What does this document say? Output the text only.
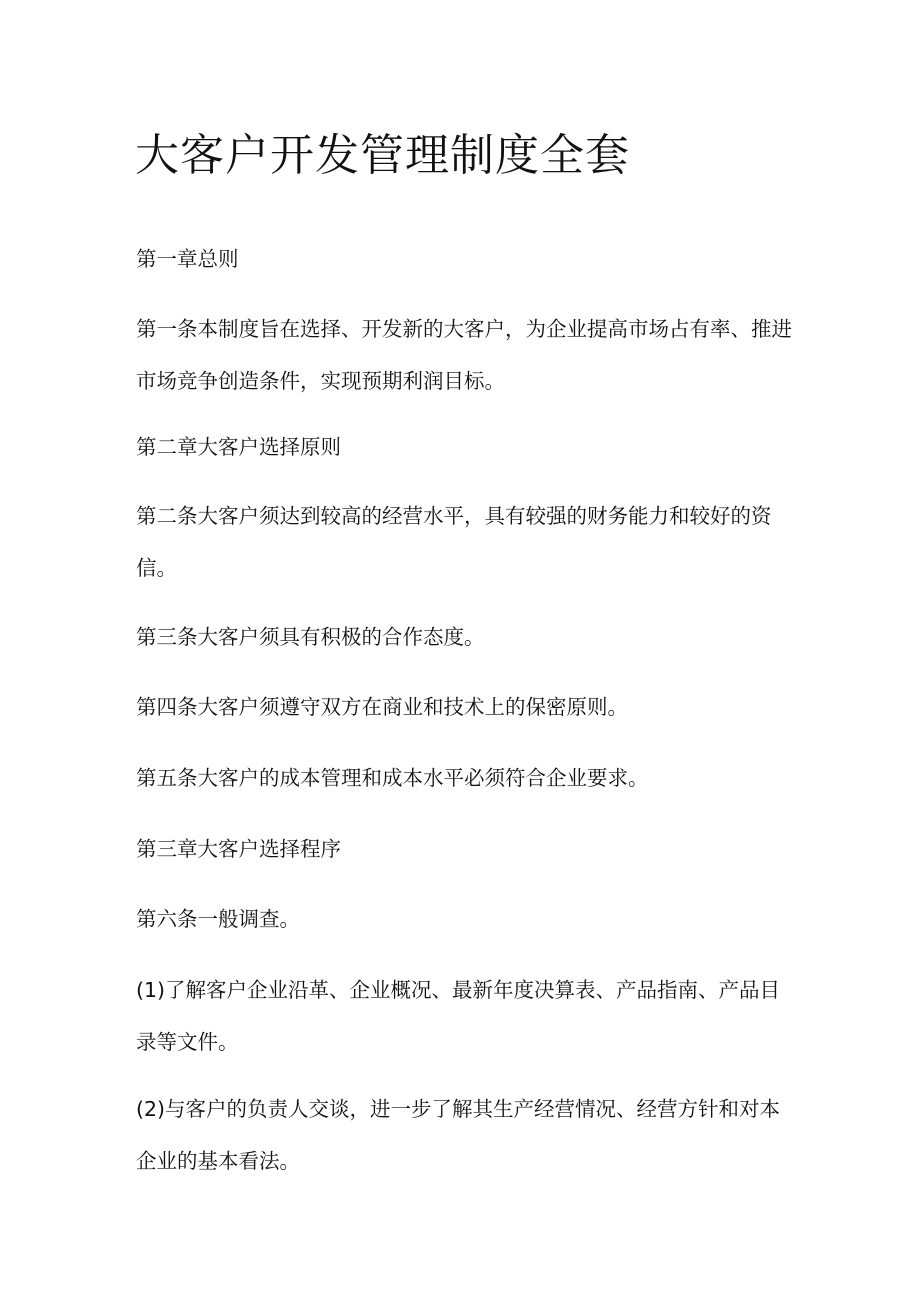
大客户开发管理制度全套

第一章总则

第一条本制度旨在选择、开发新的大客户，为企业提高市场占有率、推进市场竞争创造条件，实现预期利润目标。

第二章大客户选择原则

第二条大客户须达到较高的经营水平，具有较强的财务能力和较好的资信。

第三条大客户须具有积极的合作态度。

第四条大客户须遵守双方在商业和技术上的保密原则。

第五条大客户的成本管理和成本水平必须符合企业要求。

第三章大客户选择程序

第六条一般调查。

(1)了解客户企业沿革、企业概况、最新年度决算表、产品指南、产品目录等文件。

(2)与客户的负责人交谈，进一步了解其生产经营情况、经营方针和对本企业的基本看法。
